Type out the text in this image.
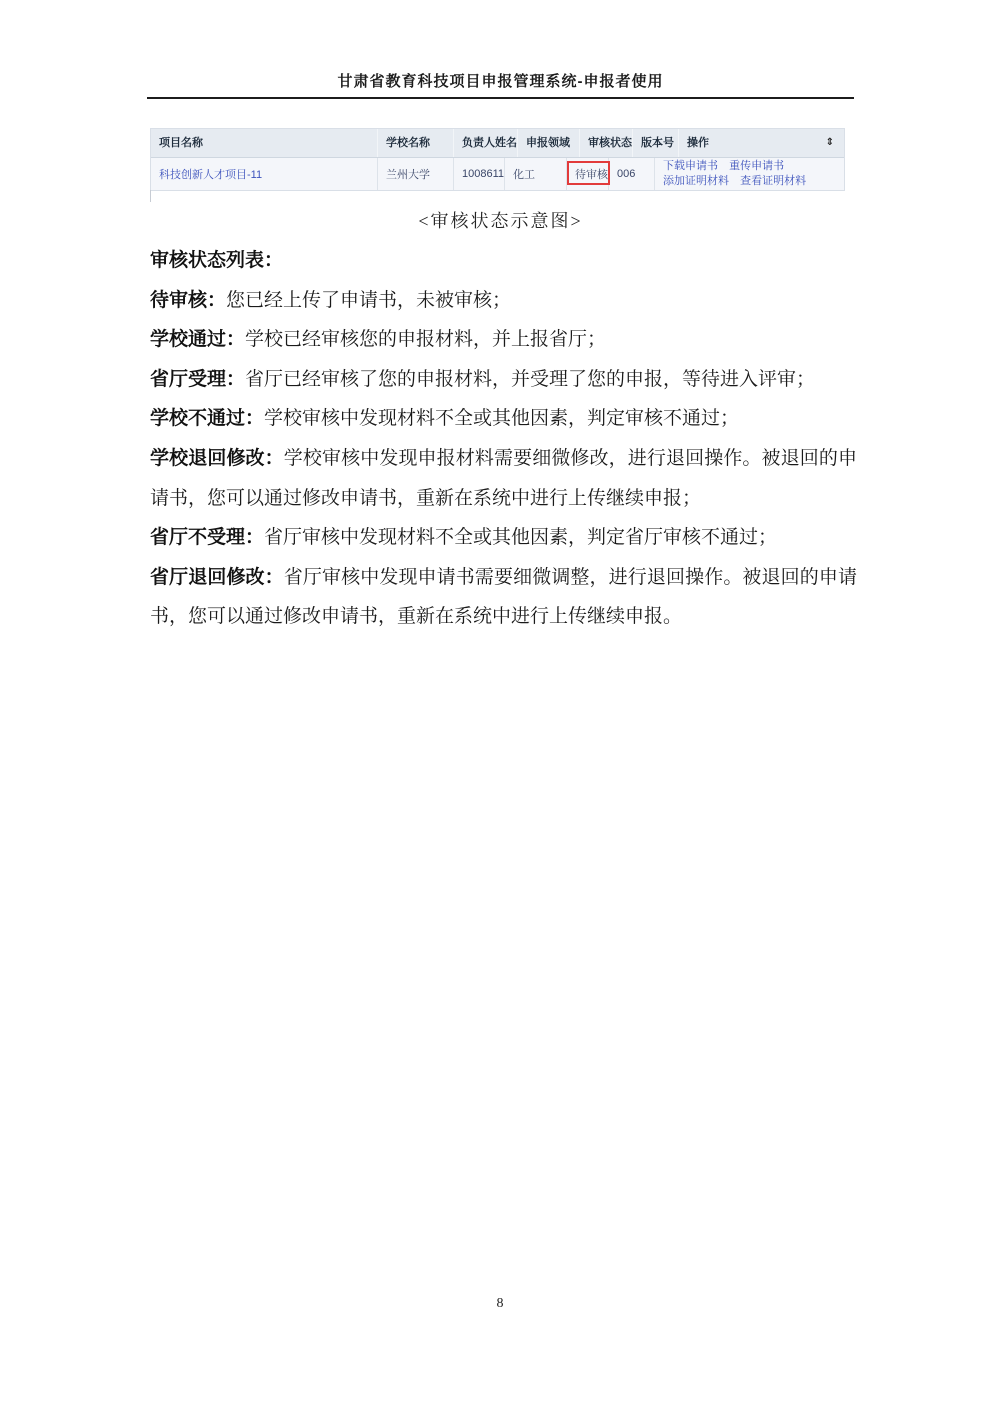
甘肃省教育科技项目申报管理系统-申报者使用
项目名称	学校名称	负责人姓名 申报领域	审核状态 版本号	操作	⇕
科技创新人才项目-11	兰州大学	1008611 化工	待审核 006
下载申请书 重传申请书
添加证明材料 查看证明材料
<审核状态示意图>

审核状态列表：

待审核：您已经上传了申请书，未被审核；

学校通过：学校已经审核您的申报材料，并上报省厅；

省厅受理：省厅已经审核了您的申报材料，并受理了您的申报，等待进入评审；

学校不通过：学校审核中发现材料不全或其他因素，判定审核不通过；

学校退回修改：学校审核中发现申报材料需要细微修改，进行退回操作。被退回的申请书，您可以通过修改申请书，重新在系统中进行上传继续申报；

省厅不受理：省厅审核中发现材料不全或其他因素，判定省厅审核不通过；

省厅退回修改：省厅审核中发现申请书需要细微调整，进行退回操作。被退回的申请书，您可以通过修改申请书，重新在系统中进行上传继续申报。

8
